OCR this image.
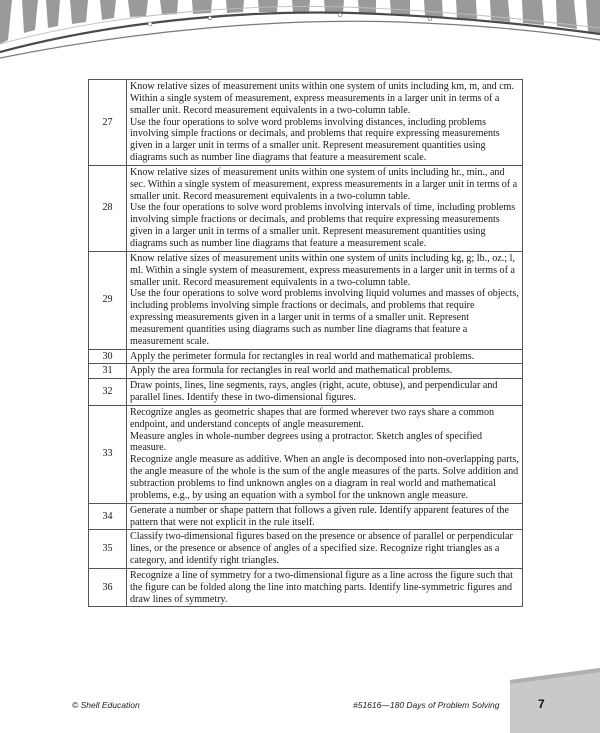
27	Know relative sizes of measurement units within one system of units including km, m, and cm. Within a single system of measurement, express measurements in a larger unit in terms of a smaller unit. Record measurement equivalents in a two-column table.
Use the four operations to solve word problems involving distances, including problems involving simple fractions or decimals, and problems that require expressing measurements given in a larger unit in terms of a smaller unit. Represent measurement quantities using diagrams such as number line diagrams that feature a measurement scale.

28	Know relative sizes of measurement units within one system of units including hr., min., and sec. Within a single system of measurement, express measurements in a larger unit in terms of a smaller unit. Record measurement equivalents in a two-column table.
Use the four operations to solve word problems involving intervals of time, including problems involving simple fractions or decimals, and problems that require expressing measurements given in a larger unit in terms of a smaller unit. Represent measurement quantities using diagrams such as number line diagrams that feature a measurement scale.

29	Know relative sizes of measurement units within one system of units including kg, g; lb., oz.; l, ml. Within a single system of measurement, express measurements in a larger unit in terms of a smaller unit. Record measurement equivalents in a two-column table.
Use the four operations to solve word problems involving liquid volumes and masses of objects, including problems involving simple fractions or decimals, and problems that require expressing measurements given in a larger unit in terms of a smaller unit. Represent measurement quantities using diagrams such as number line diagrams that feature a measurement scale.

30	Apply the perimeter formula for rectangles in real world and mathematical problems.

31	Apply the area formula for rectangles in real world and mathematical problems.

32	Draw points, lines, line segments, rays, angles (right, acute, obtuse), and perpendicular and parallel lines. Identify these in two-dimensional figures.

33	Recognize angles as geometric shapes that are formed wherever two rays share a common endpoint, and understand concepts of angle measurement.
Measure angles in whole-number degrees using a protractor. Sketch angles of specified measure.
Recognize angle measure as additive. When an angle is decomposed into non-overlapping parts, the angle measure of the whole is the sum of the angle measures of the parts. Solve addition and subtraction problems to find unknown angles on a diagram in real world and mathematical problems, e.g., by using an equation with a symbol for the unknown angle measure.

34	Generate a number or shape pattern that follows a given rule. Identify apparent features of the pattern that were not explicit in the rule itself.

35	Classify two-dimensional figures based on the presence or absence of parallel or perpendicular lines, or the presence or absence of angles of a specified size. Recognize right triangles as a category, and identify right triangles.

36	Recognize a line of symmetry for a two-dimensional figure as a line across the figure such that the figure can be folded along the line into matching parts. Identify line-symmetric figures and draw lines of symmetry.
© Shell Education	#51616—180 Days of Problem Solving	7
